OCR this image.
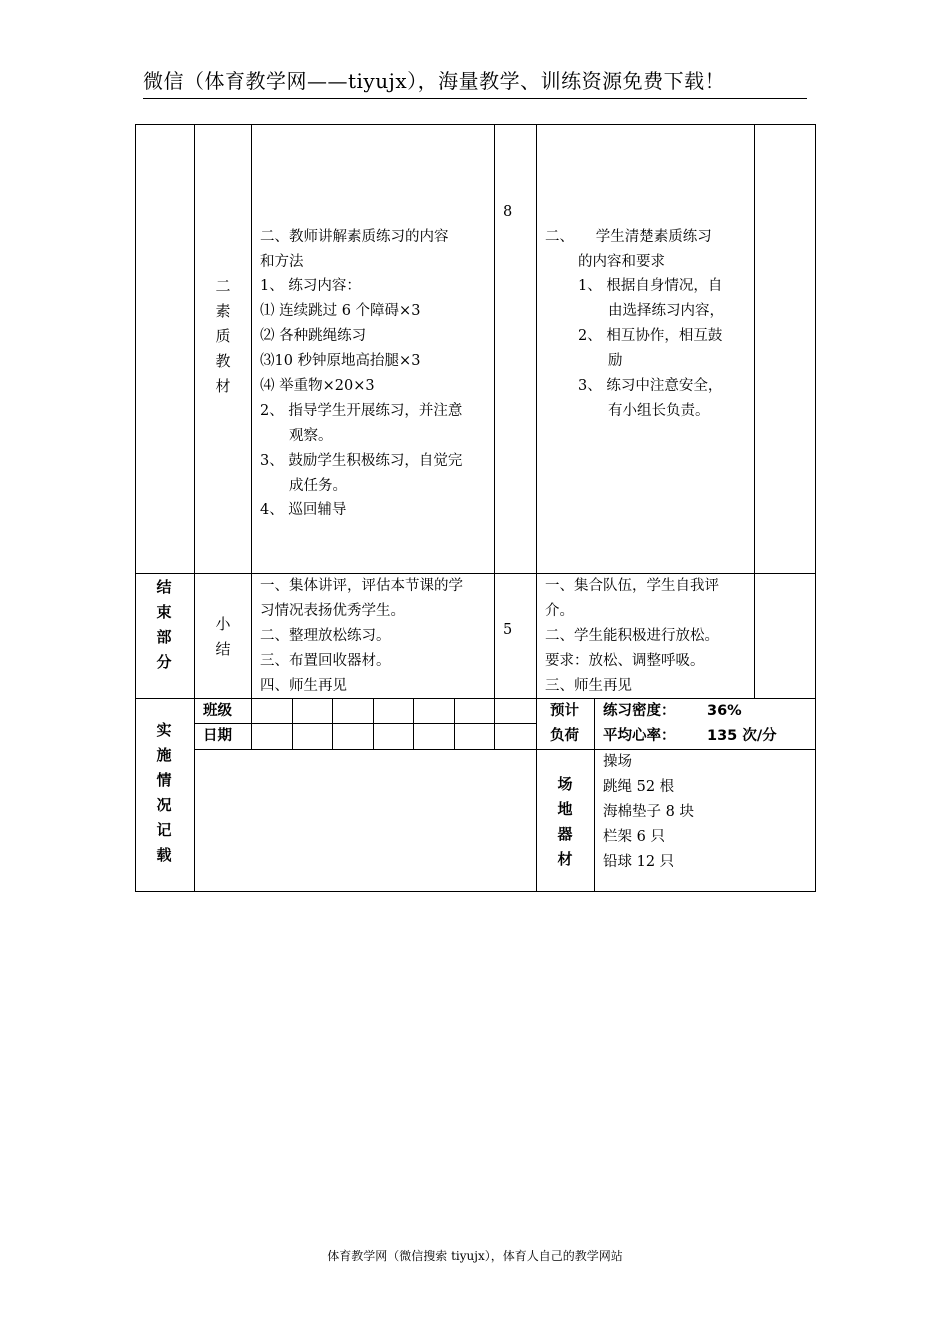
微信（体育教学网——tiyujx），海量教学、训练资源免费下载！
二素质教材
二、教师讲解素质练习的内容
和方法
1、 练习内容：
⑴ 连续跳过 6 个障碍×3
⑵ 各种跳绳练习
⑶10 秒钟原地高抬腿×3
⑷ 举重物×20×3
2、 指导学生开展练习，并注意
观察。
3、 鼓励学生积极练习，自觉完
成任务。
4、 巡回辅导
8
二、　　学生清楚素质练习
的内容和要求
1、 根据自身情况，自
由选择练习内容，
2、 相互协作，相互鼓
励
3、 练习中注意安全，
有小组长负责。
结束部分
小结
一、集体讲评，评估本节课的学
习情况表扬优秀学生。
二、整理放松练习。
三、布置回收器材。
四、师生再见
5
一、集合队伍，学生自我评
介。
二、学生能积极进行放松。
要求：放松、调整呼吸。
三、师生再见
实施情况记载
班级
日期
预计
负荷
练习密度： 36%
平均心率： 135 次/分
场地器材
操场
跳绳 52 根
海棉垫子 8 块
栏架 6 只
铅球 12 只
体育教学网（微信搜索 tiyujx），体育人自己的教学网站
